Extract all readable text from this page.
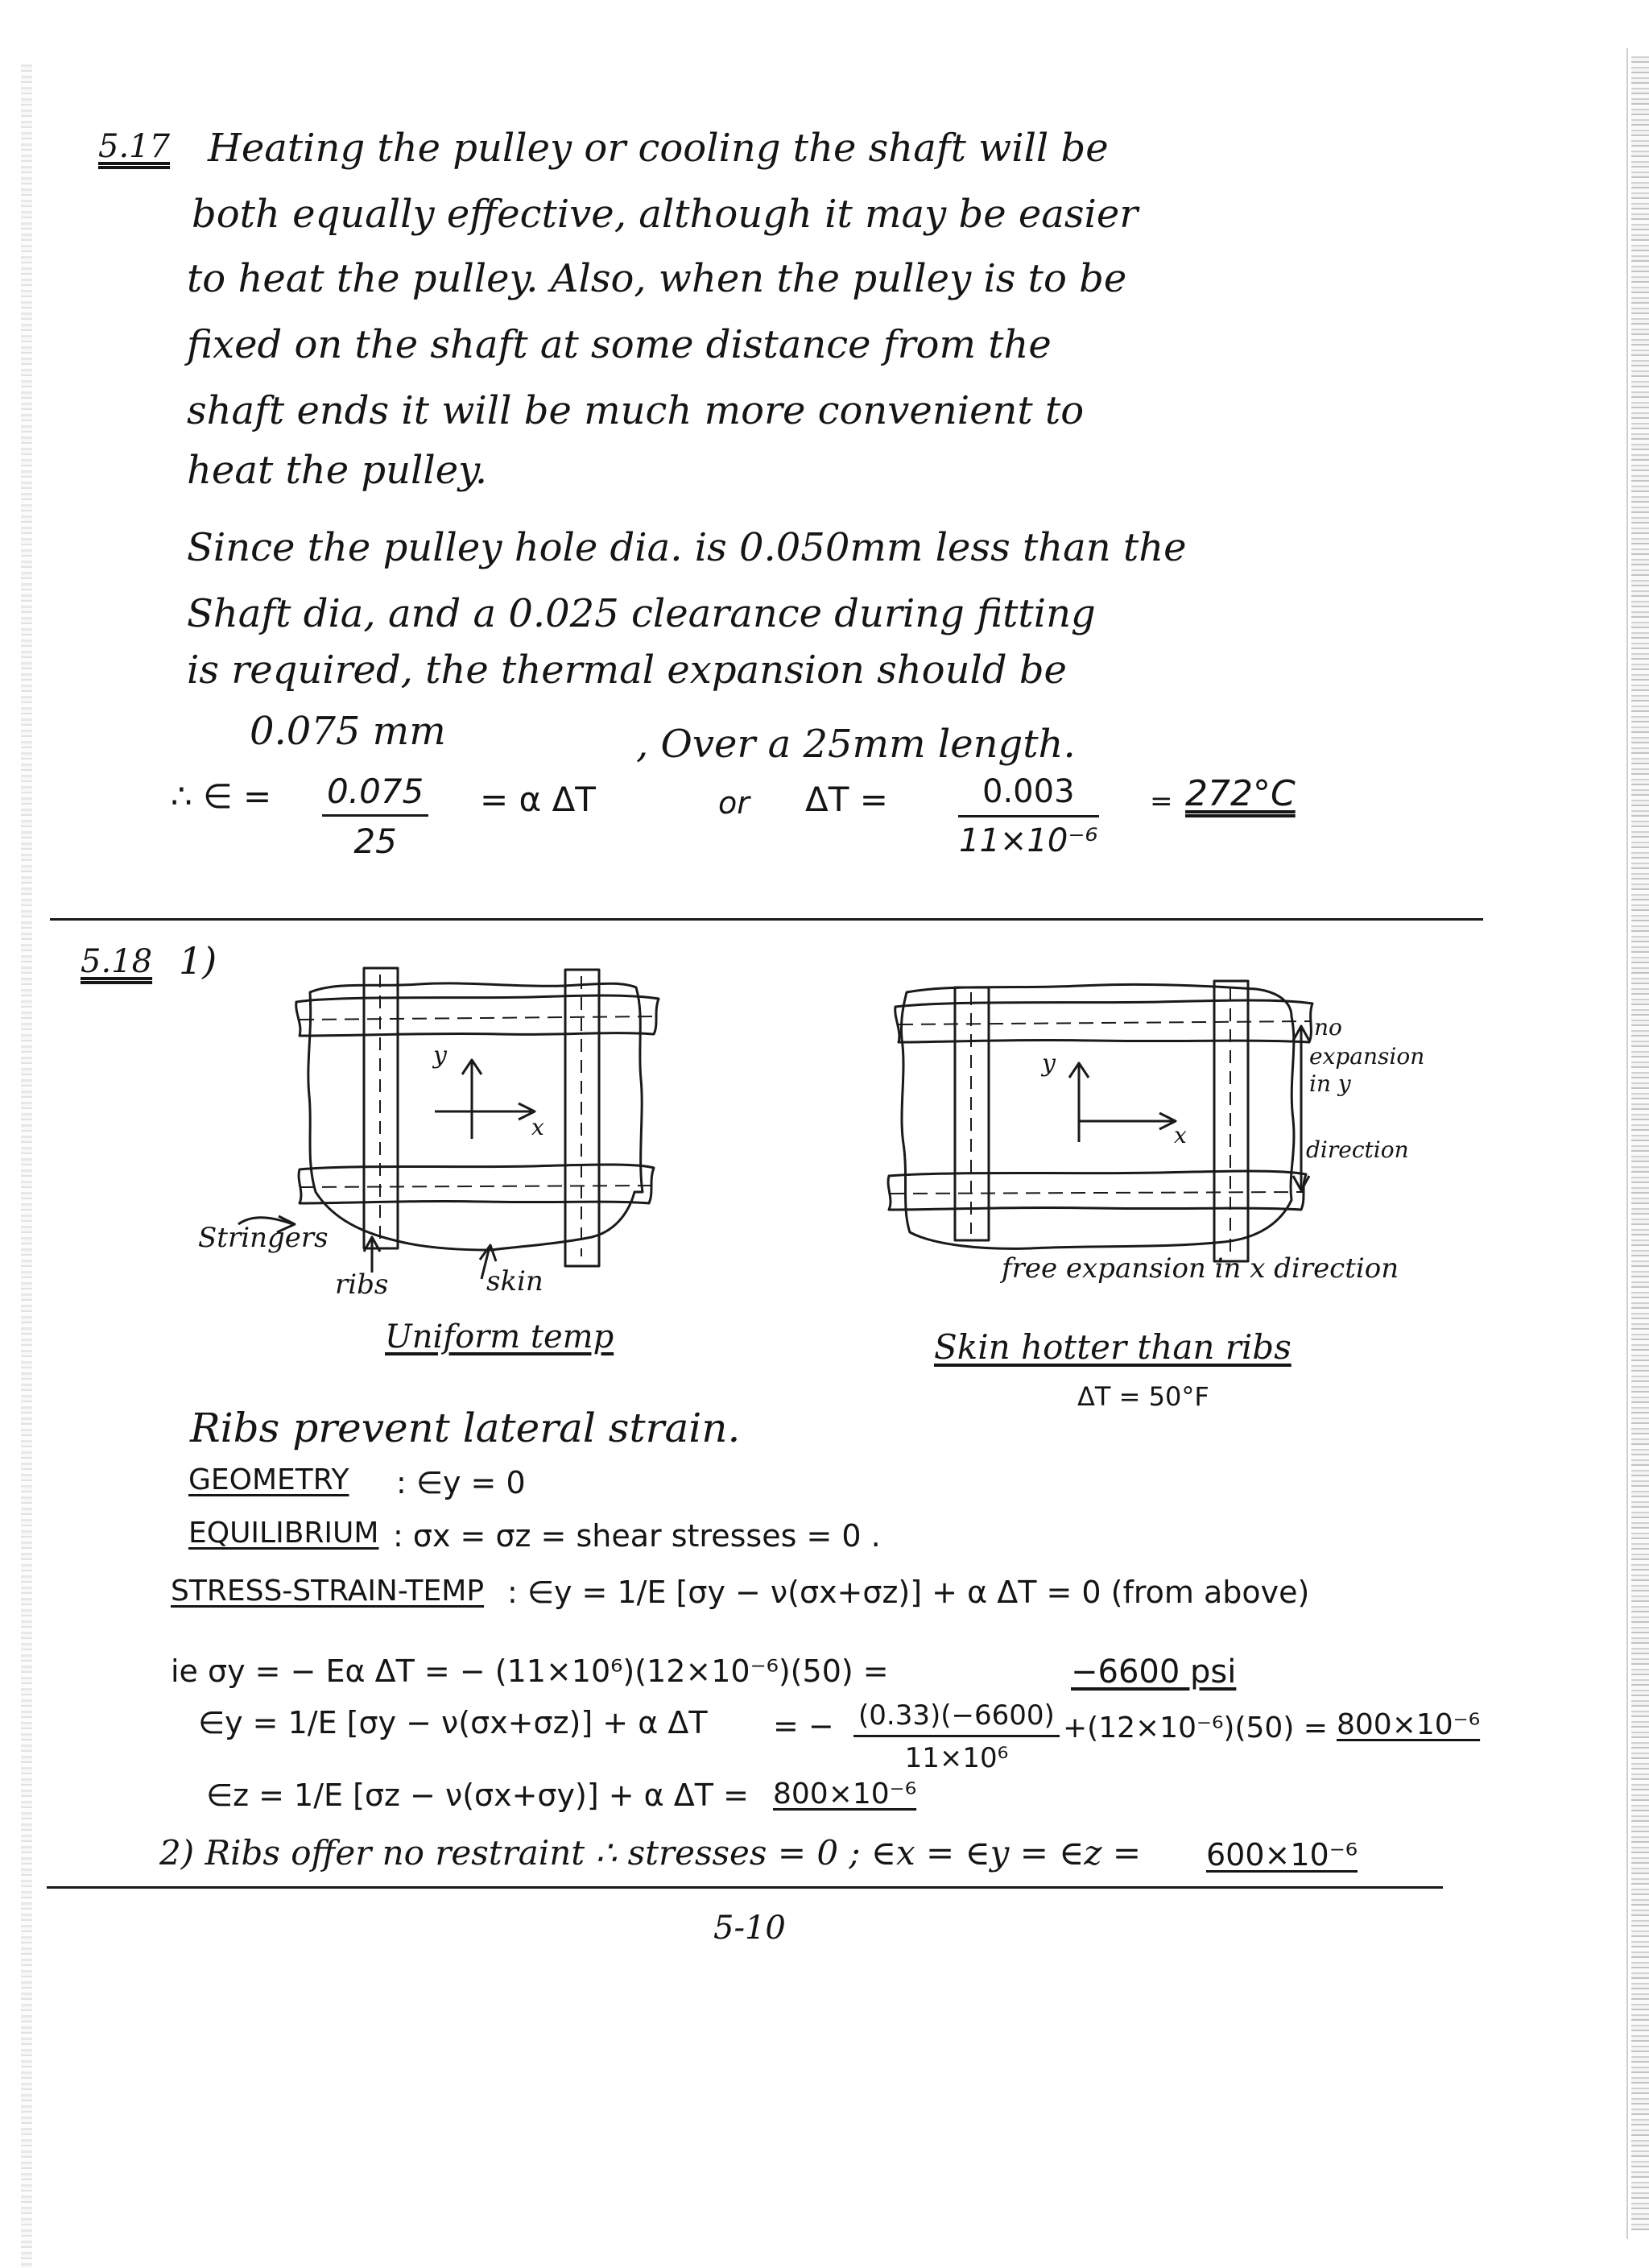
5.17 Heating the pulley or cooling the shaft will be
both equally effective, although it may be easier
to heat the pulley. Also, when the pulley is to be
fixed on the shaft at some distance from the
shaft ends it will be much more convenient to
heat the pulley.
Since the pulley hole dia. is 0.050mm less than the
Shaft dia, and a 0.025 clearance during fitting
is required, the thermal expansion should be
0.075 mm	, Over a 25mm length.
∴ ∈ = $\frac{0.075}{25} = \alpha$ ΔT	or $\Delta T = \frac{0.003}{\text{11×10⁻⁶}} = 272^\circ C$
5.18 1)
y
x
Stringers
ribs	skin
Uniform temp
y
x
no
expansion
in y
direction
free expansion in x direction
Skin hotter than ribs
ΔT = 50°F
Ribs prevent lateral strain.
GEOMETRY : ∈y = 0
EQUILIBRIUM : σx = σz = shear stresses = 0 .
STRESS-STRAIN-TEMP : ∈y = 1/E [σy − ν(σx+σz)] + α ΔT = 0 (from above)
ie σy = − Eα ΔT = − (11×10⁶)(12×10⁻⁶)(50) =	−6600 psi
∈y = 1/E [σy − ν(σx+σz)] + α ΔT = − $\frac{(0.33)(-6600)}{\text{11×10⁶}} +(12\times 10^{-6})(50) = 800\times 10^{-6}$
∈z = 1/E [σz − ν(σx+σy)] + α ΔT = 800×10⁻⁶
2) Ribs offer no restraint ∴ stresses = 0 ; ∈x = ∈y = ∈z = 600×10⁻⁶
5-10
